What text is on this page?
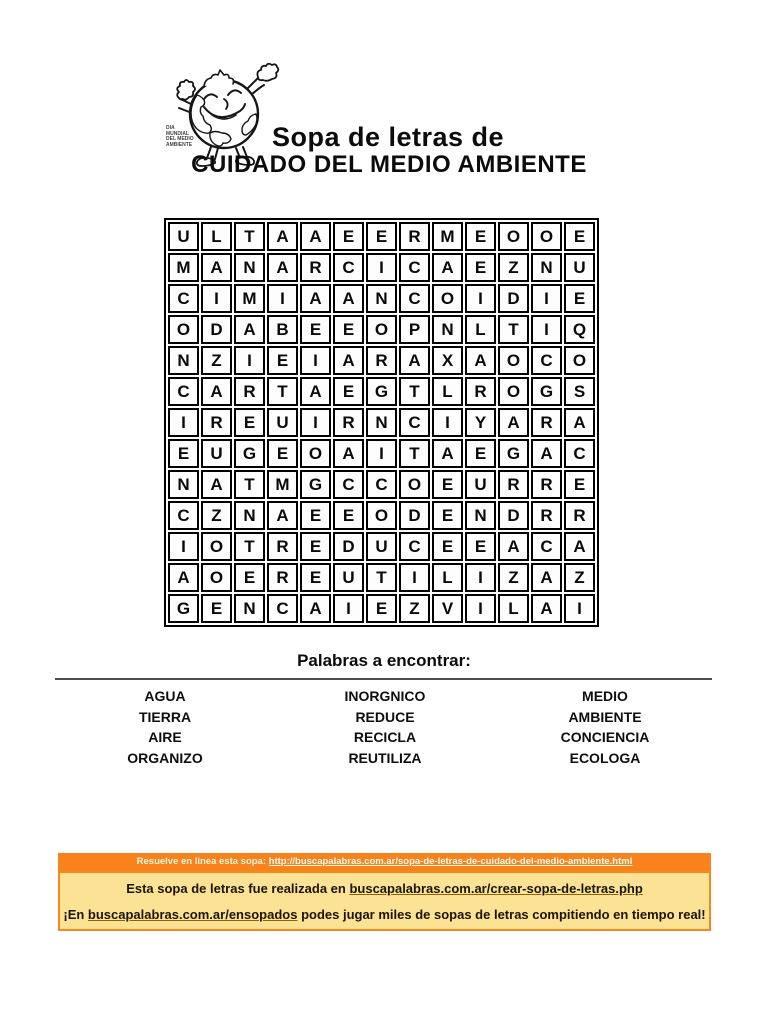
DIA MUNDIAL DEL MEDIO AMBIENTE	Sopa de letras de
CUIDADO DEL MEDIO AMBIENTE
U	L	T	A	A	E	E	R	M	E	O	O	E
M	A	N	A	R	C	I	C	A	E	Z	N	U
C	I	M	I	A	A	N	C	O	I	D	I	E
O	D	A	B	E	E	O	P	N	L	T	I	Q
N	Z	I	E	I	A	R	A	X	A	O	C	O
C	A	R	T	A	E	G	T	L	R	O	G	S
I	R	E	U	I	R	N	C	I	Y	A	R	A
E	U	G	E	O	A	I	T	A	E	G	A	C
N	A	T	M	G	C	C	O	E	U	R	R	E
C	Z	N	A	E	E	O	D	E	N	D	R	R
I	O	T	R	E	D	U	C	E	E	A	C	A
A	O	E	R	E	U	T	I	L	I	Z	A	Z
G	E	N	C	A	I	E	Z	V	I	L	A	I
Palabras a encontrar:
AGUA
TIERRA
AIRE
ORGANIZO
INORGNICO
REDUCE
RECICLA
REUTILIZA
MEDIO
AMBIENTE
CONCIENCIA
ECOLOGA
Resuelve en linea esta sopa: http://buscapalabras.com.ar/sopa-de-letras-de-cuidado-del-medio-ambiente.html
Esta sopa de letras fue realizada en buscapalabras.com.ar/crear-sopa-de-letras.php
¡En buscapalabras.com.ar/ensopados podes jugar miles de sopas de letras compitiendo en tiempo real!
